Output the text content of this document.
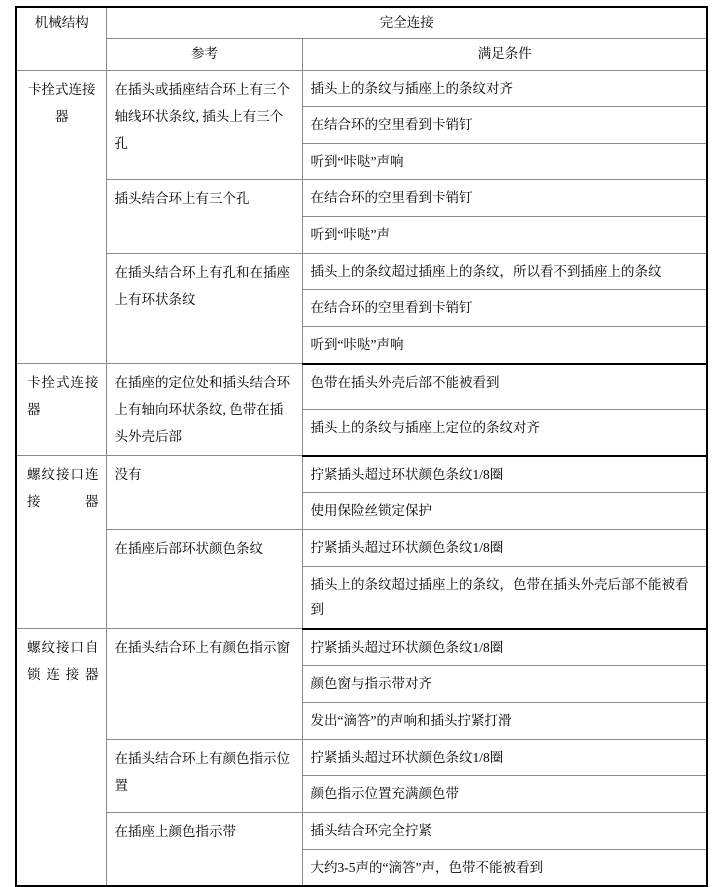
机械结构	完全连接	
	参考	满足条件

卡拴式连接器	在插头或插座结合环上有三个轴线环状条纹, 插头上有三个孔	插头上的条纹与插座上的条纹对齐
		在结合环的空里看到卡销钉
		听到“咔哒”声响
	插头结合环上有三个孔	在结合环的空里看到卡销钉
		听到“咔哒”声
	在插头结合环上有孔和在插座上有环状条纹	插头上的条纹超过插座上的条纹，所以看不到插座上的条纹
		在结合环的空里看到卡销钉
		听到“咔哒”声响

卡拴式连接器	在插座的定位处和插头结合环上有轴向环状条纹, 色带在插头外壳后部	色带在插头外壳后部不能被看到
		插头上的条纹与插座上定位的条纹对齐

螺纹接口连接器	没有	拧紧插头超过环状颜色条纹1/8圈
		使用保险丝锁定保护
	在插座后部环状颜色条纹	拧紧插头超过环状颜色条纹1/8圈
		插头上的条纹超过插座上的条纹，色带在插头外壳后部不能被看到

螺纹接口自锁连接器	在插头结合环上有颜色指示窗	拧紧插头超过环状颜色条纹1/8圈
		颜色窗与指示带对齐
		发出“滴答”的声响和插头拧紧打滑
	在插头结合环上有颜色指示位置	拧紧插头超过环状颜色条纹1/8圈
		颜色指示位置充满颜色带
	在插座上颜色指示带	插头结合环完全拧紧
		大约3-5声的“滴答”声，色带不能被看到
